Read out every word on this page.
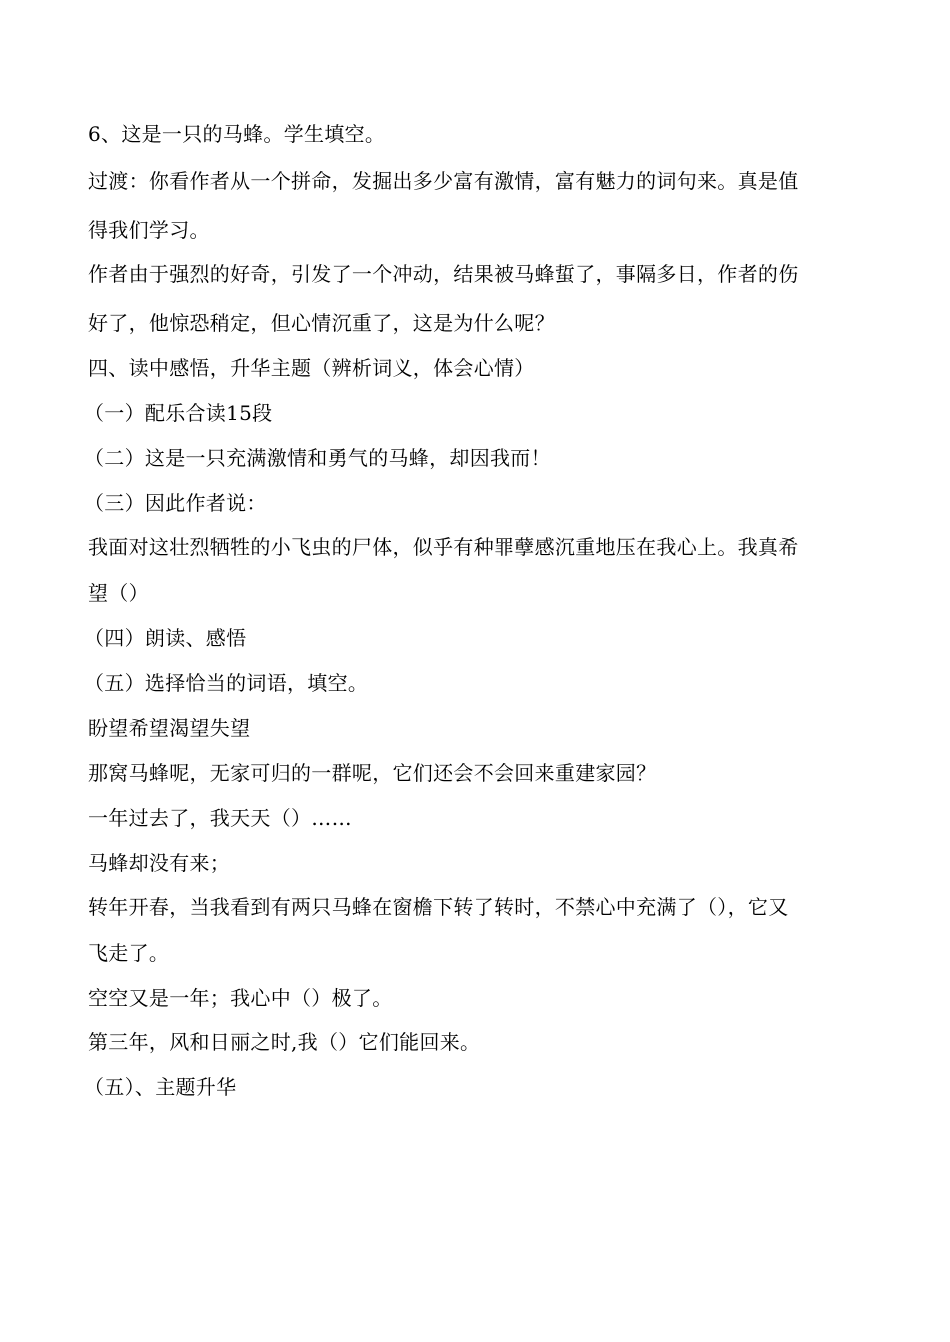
6、这是一只的马蜂。学生填空。
过渡：你看作者从一个拼命，发掘出多少富有激情，富有魅力的词句来。真是值
得我们学习。
作者由于强烈的好奇，引发了一个冲动，结果被马蜂蜇了，事隔多日，作者的伤
好了，他惊恐稍定，但心情沉重了，这是为什么呢？
四、读中感悟，升华主题（辨析词义，体会心情）
（一）配乐合读15段
（二）这是一只充满激情和勇气的马蜂，却因我而！
（三）因此作者说：
我面对这壮烈牺牲的小飞虫的尸体，似乎有种罪孽感沉重地压在我心上。我真希
望（）
（四）朗读、感悟
（五）选择恰当的词语，填空。
盼望希望渴望失望
那窝马蜂呢，无家可归的一群呢，它们还会不会回来重建家园？
一年过去了，我天天（）……
马蜂却没有来；
转年开春，当我看到有两只马蜂在窗檐下转了转时，不禁心中充满了（），它又
飞走了。
空空又是一年；我心中（）极了。
第三年，风和日丽之时,我（）它们能回来。
（五）、主题升华
